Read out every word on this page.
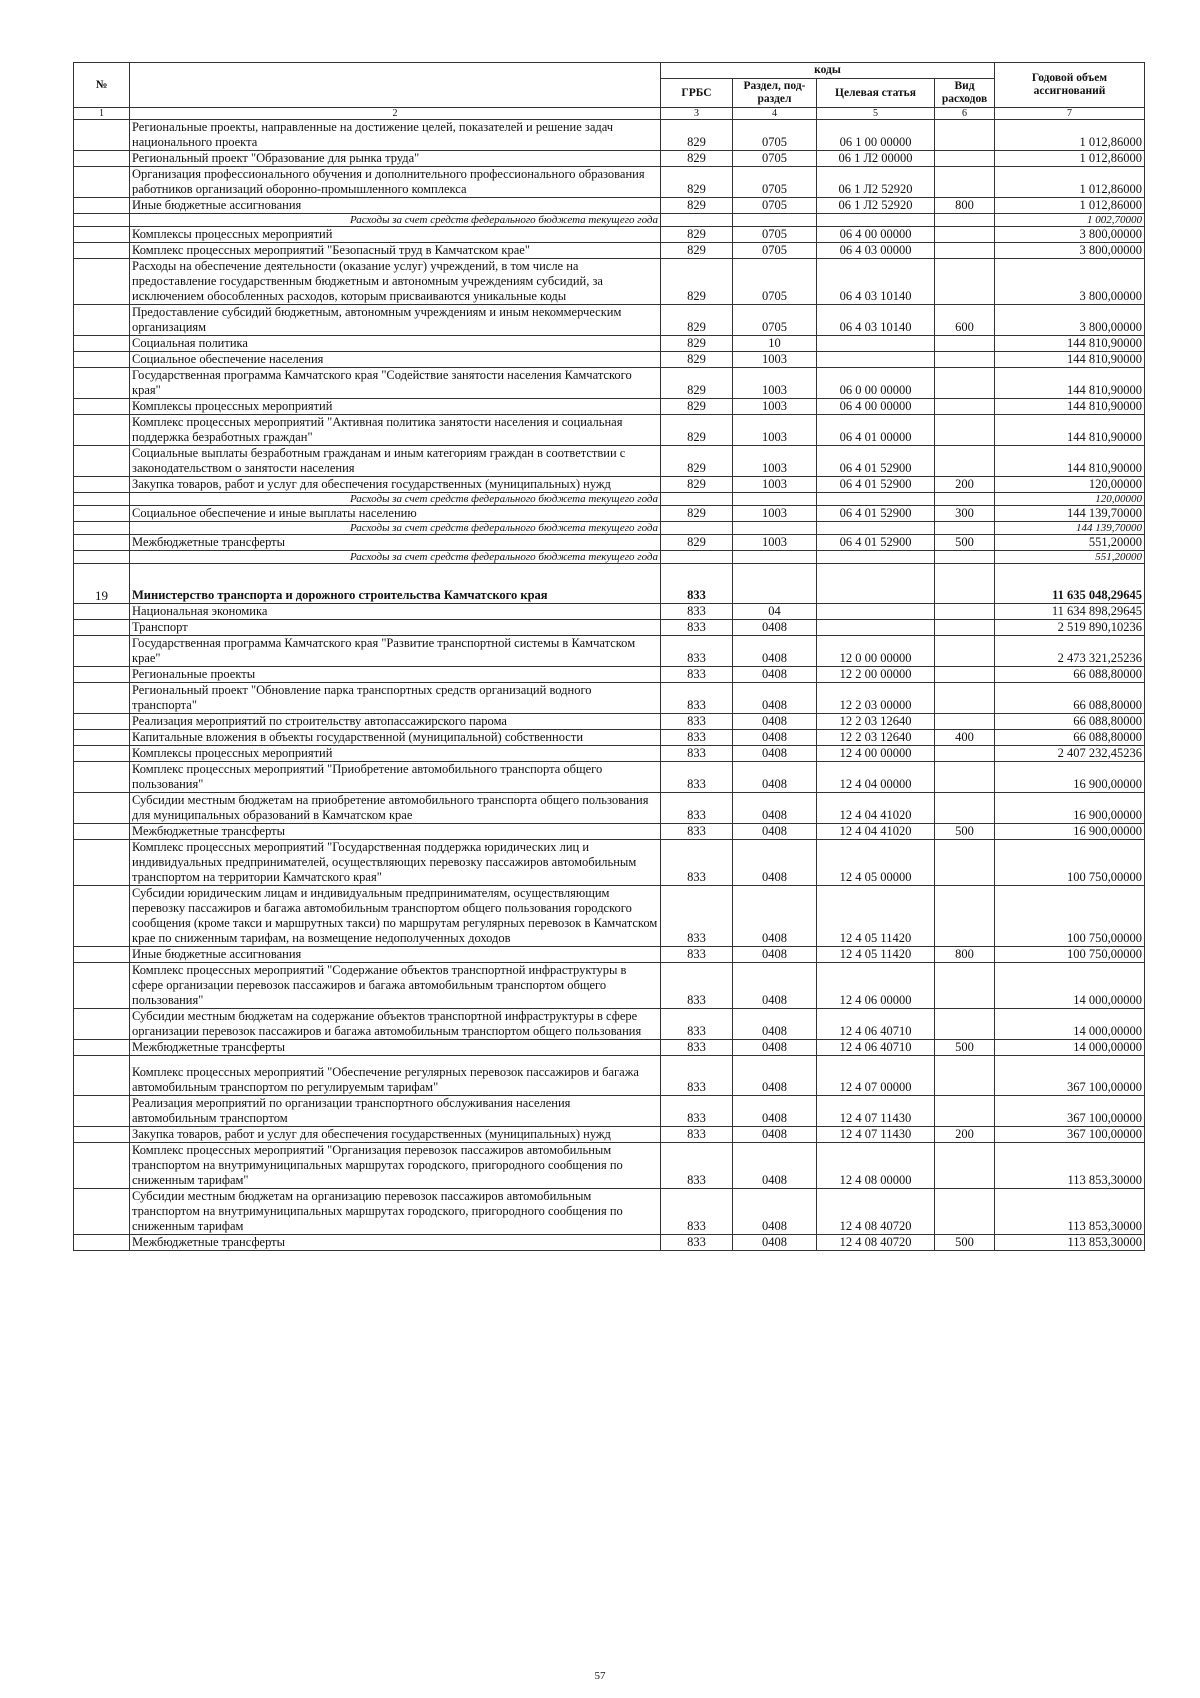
№		коды				Годовой объем ассигнований
		ГРБС	Раздел, под-раздел	Целевая статья	Вид расходов	
1	2	3	4	5	6	7
	Региональные проекты, направленные на достижение целей, показателей и решение задач национального проекта	829	0705	06 1 00 00000		1 012,86000
	Региональный проект "Образование для рынка труда"	829	0705	06 1 Л2 00000		1 012,86000
	Организация профессионального обучения и дополнительного профессионального образования работников организаций оборонно-промышленного комплекса	829	0705	06 1 Л2 52920		1 012,86000
	Иные бюджетные ассигнования	829	0705	06 1 Л2 52920	800	1 012,86000
	Расходы за счет средств федерального бюджета текущего года					1 002,70000
	Комплексы процессных мероприятий	829	0705	06 4 00 00000		3 800,00000
	Комплекс процессных мероприятий "Безопасный труд в Камчатском крае"	829	0705	06 4 03 00000		3 800,00000
	Расходы на обеспечение деятельности (оказание услуг) учреждений, в том числе на предоставление государственным бюджетным и автономным учреждениям субсидий, за исключением обособленных расходов, которым присваиваются уникальные коды	829	0705	06 4 03 10140		3 800,00000
	Предоставление субсидий бюджетным, автономным учреждениям и иным некоммерческим организациям	829	0705	06 4 03 10140	600	3 800,00000
	Социальная политика	829	10			144 810,90000
	Социальное обеспечение населения	829	1003			144 810,90000
	Государственная программа Камчатского края "Содействие занятости населения Камчатского края"	829	1003	06 0 00 00000		144 810,90000
	Комплексы процессных мероприятий	829	1003	06 4 00 00000		144 810,90000
	Комплекс процессных мероприятий "Активная политика занятости населения и социальная поддержка безработных граждан"	829	1003	06 4 01 00000		144 810,90000
	Социальные выплаты безработным гражданам и иным категориям граждан в соответствии с законодательством о занятости населения	829	1003	06 4 01 52900		144 810,90000
	Закупка товаров, работ и услуг для обеспечения государственных (муниципальных) нужд	829	1003	06 4 01 52900	200	120,00000
	Расходы за счет средств федерального бюджета текущего года					120,00000
	Социальное обеспечение и иные выплаты населению	829	1003	06 4 01 52900	300	144 139,70000
	Расходы за счет средств федерального бюджета текущего года					144 139,70000
	Межбюджетные трансферты	829	1003	06 4 01 52900	500	551,20000
	Расходы за счет средств федерального бюджета текущего года					551,20000
19	Министерство транспорта и дорожного строительства Камчатского края	833				11 635 048,29645
	Национальная экономика	833	04			11 634 898,29645
	Транспорт	833	0408			2 519 890,10236
	Государственная программа Камчатского края "Развитие транспортной системы в Камчатском крае"	833	0408	12 0 00 00000		2 473 321,25236
	Региональные проекты	833	0408	12 2 00 00000		66 088,80000
	Региональный проект "Обновление парка транспортных средств организаций водного транспорта"	833	0408	12 2 03 00000		66 088,80000
	Реализация мероприятий по строительству автопассажирского парома	833	0408	12 2 03 12640		66 088,80000
	Капитальные вложения в объекты государственной (муниципальной) собственности	833	0408	12 2 03 12640	400	66 088,80000
	Комплексы процессных мероприятий	833	0408	12 4 00 00000		2 407 232,45236
	Комплекс процессных мероприятий "Приобретение автомобильного транспорта общего пользования"	833	0408	12 4 04 00000		16 900,00000
	Субсидии местным бюджетам на приобретение автомобильного транспорта общего пользования для муниципальных образований в Камчатском крае	833	0408	12 4 04 41020		16 900,00000
	Межбюджетные трансферты	833	0408	12 4 04 41020	500	16 900,00000
	Комплекс процессных мероприятий "Государственная поддержка юридических лиц и индивидуальных предпринимателей, осуществляющих перевозку пассажиров автомобильным транспортом на территории Камчатского края"	833	0408	12 4 05 00000		100 750,00000
	Субсидии юридическим лицам и индивидуальным предпринимателям, осуществляющим перевозку пассажиров и багажа автомобильным транспортом общего пользования городского сообщения (кроме такси и маршрутных такси) по маршрутам регулярных перевозок в Камчатском крае по сниженным тарифам, на возмещение недополученных доходов	833	0408	12 4 05 11420		100 750,00000
	Иные бюджетные ассигнования	833	0408	12 4 05 11420	800	100 750,00000
	Комплекс процессных мероприятий "Содержание объектов транспортной инфраструктуры в сфере организации перевозок пассажиров и багажа автомобильным транспортом общего пользования"	833	0408	12 4 06 00000		14 000,00000
	Субсидии местным бюджетам на содержание объектов транспортной инфраструктуры в сфере организации перевозок пассажиров и багажа автомобильным транспортом общего пользования	833	0408	12 4 06 40710		14 000,00000
	Межбюджетные трансферты	833	0408	12 4 06 40710	500	14 000,00000
	Комплекс процессных мероприятий "Обеспечение регулярных перевозок пассажиров и багажа автомобильным транспортом по регулируемым тарифам"	833	0408	12 4 07 00000		367 100,00000
	Реализация мероприятий по организации транспортного обслуживания населения автомобильным транспортом	833	0408	12 4 07 11430		367 100,00000
	Закупка товаров, работ и услуг для обеспечения государственных (муниципальных) нужд	833	0408	12 4 07 11430	200	367 100,00000
	Комплекс процессных мероприятий "Организация перевозок пассажиров автомобильным транспортом на внутримуниципальных маршрутах городского, пригородного сообщения по сниженным тарифам"	833	0408	12 4 08 00000		113 853,30000
	Субсидии местным бюджетам на организацию перевозок пассажиров автомобильным транспортом на внутримуниципальных маршрутах городского, пригородного сообщения по сниженным тарифам	833	0408	12 4 08 40720		113 853,30000
	Межбюджетные трансферты	833	0408	12 4 08 40720	500	113 853,30000
57
